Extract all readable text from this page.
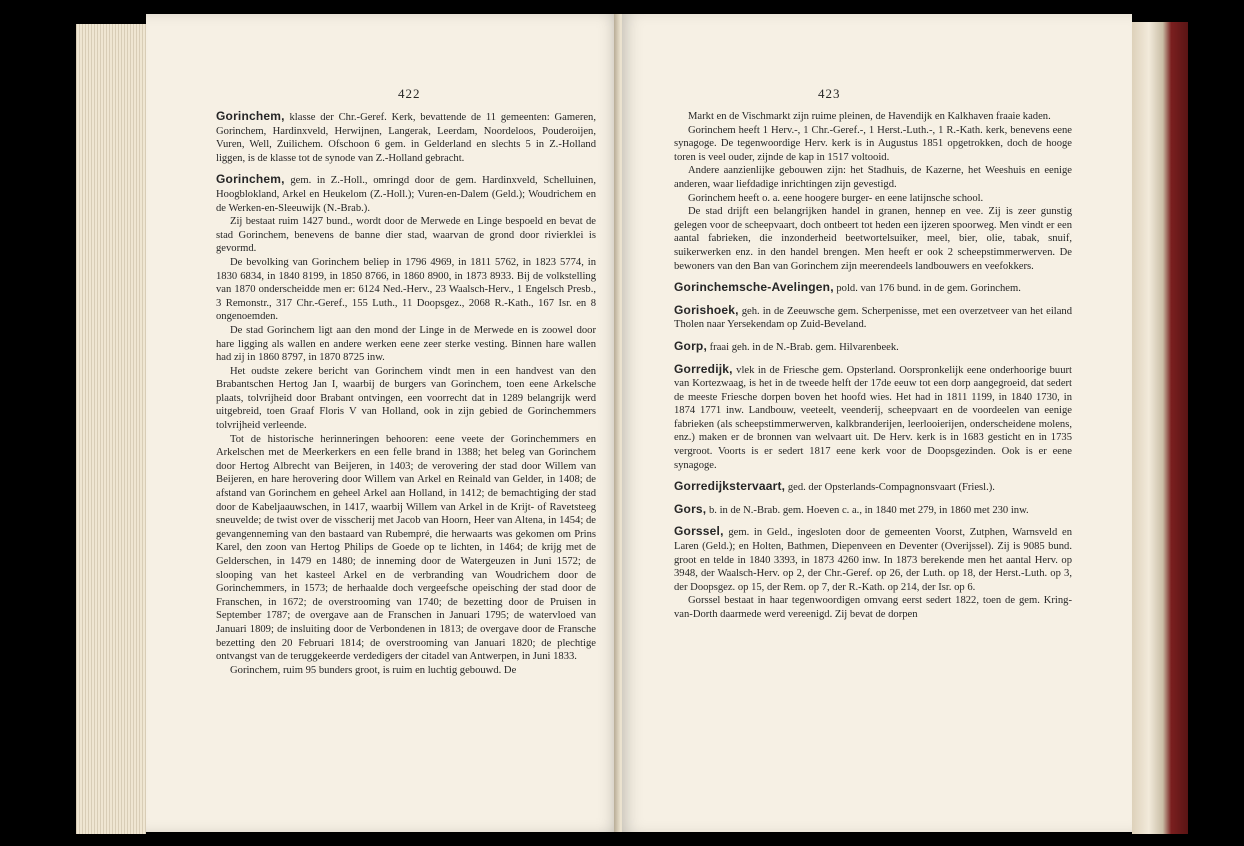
422

Gorinchem, klasse der Chr.-Geref. Kerk, bevattende de 11 gemeenten: Gameren, Gorinchem, Hardinxveld, Herwijnen, Langerak, Leerdam, Noordeloos, Pouderoijen, Vuren, Well, Zuilichem. Ofschoon 6 gem. in Gelderland en slechts 5 in Z.-Holland liggen, is de klasse tot de synode van Z.-Holland gebracht.

Gorinchem, gem. in Z.-Holl., omringd door de gem. Hardinxveld, Schelluinen, Hoogblokland, Arkel en Heukelom (Z.-Holl.); Vuren-en-Dalem (Geld.); Woudrichem en de Werken-en-Sleeuwijk (N.-Brab.).

Zij bestaat ruim 1427 bund., wordt door de Merwede en Linge bespoeld en bevat de stad Gorinchem, benevens de banne dier stad, waarvan de grond door rivierklei is gevormd.

De bevolking van Gorinchem beliep in 1796 4969, in 1811 5762, in 1823 5774, in 1830 6834, in 1840 8199, in 1850 8766, in 1860 8900, in 1873 8933. Bij de volkstelling van 1870 onderscheidde men er: 6124 Ned.-Herv., 23 Waalsch-Herv., 1 Engelsch Presb., 3 Remonstr., 317 Chr.-Geref., 155 Luth., 11 Doopsgez., 2068 R.-Kath., 167 Isr. en 8 ongenoemden.

De stad Gorinchem ligt aan den mond der Linge in de Merwede en is zoowel door hare ligging als wallen en andere werken eene zeer sterke vesting. Binnen hare wallen had zij in 1860 8797, in 1870 8725 inw.

Het oudste zekere bericht van Gorinchem vindt men in een handvest van den Brabantschen Hertog Jan I, waarbij de burgers van Gorinchem, toen eene Arkelsche plaats, tolvrijheid door Brabant ontvingen, een voorrecht dat in 1289 belangrijk werd uitgebreid, toen Graaf Floris V van Holland, ook in zijn gebied de Gorinchemmers tolvrijheid verleende.

Tot de historische herinneringen behooren: eene veete der Gorinchemmers en Arkelschen met de Meerkerkers en een felle brand in 1388; het beleg van Gorinchem door Hertog Albrecht van Beijeren, in 1403; de verovering der stad door Willem van Beijeren, en hare herovering door Willem van Arkel en Reinald van Gelder, in 1408; de afstand van Gorinchem en geheel Arkel aan Holland, in 1412; de bemachtiging der stad door de Kabeljaauwschen, in 1417, waarbij Willem van Arkel in de Krijt- of Ravetsteeg sneuvelde; de twist over de visscherij met Jacob van Hoorn, Heer van Altena, in 1454; de gevangenneming van den bastaard van Rubempré, die herwaarts was gekomen om Prins Karel, den zoon van Hertog Philips de Goede op te lichten, in 1464; de krijg met de Gelderschen, in 1479 en 1480; de inneming door de Watergeuzen in Juni 1572; de slooping van het kasteel Arkel en de verbranding van Woudrichem door de Gorinchemmers, in 1573; de herhaalde doch vergeefsche opeisching der stad door de Franschen, in 1672; de overstrooming van 1740; de bezetting door de Pruisen in September 1787; de overgave aan de Franschen in Januari 1795; de watervloed van Januari 1809; de insluiting door de Verbondenen in 1813; de overgave door de Fransche bezetting den 20 Februari 1814; de overstrooming van Januari 1820; de plechtige ontvangst van de teruggekeerde verdedigers der citadel van Antwerpen, in Juni 1833.

Gorinchem, ruim 95 bunders groot, is ruim en luchtig gebouwd. De

423

Markt en de Vischmarkt zijn ruime pleinen, de Havendijk en Kalkhaven fraaie kaden.

Gorinchem heeft 1 Herv.-, 1 Chr.-Geref.-, 1 Herst.-Luth.-, 1 R.-Kath. kerk, benevens eene synagoge. De tegenwoordige Herv. kerk is in Augustus 1851 opgetrokken, doch de hooge toren is veel ouder, zijnde de kap in 1517 voltooid.

Andere aanzienlijke gebouwen zijn: het Stadhuis, de Kazerne, het Weeshuis en eenige anderen, waar liefdadige inrichtingen zijn gevestigd.

Gorinchem heeft o. a. eene hoogere burger- en eene latijnsche school.

De stad drijft een belangrijken handel in granen, hennep en vee. Zij is zeer gunstig gelegen voor de scheepvaart, doch ontbeert tot heden een ijzeren spoorweg. Men vindt er een aantal fabrieken, die inzonderheid beetwortelsuiker, meel, bier, olie, tabak, snuif, suikerwerken enz. in den handel brengen. Men heeft er ook 2 scheepstimmerwerven. De bewoners van den Ban van Gorinchem zijn meerendeels landbouwers en veefokkers.

Gorinchemsche-Avelingen, pold. van 176 bund. in de gem. Gorinchem.

Gorishoek, geh. in de Zeeuwsche gem. Scherpenisse, met een overzetveer van het eiland Tholen naar Yersekendam op Zuid-Beveland.

Gorp, fraai geh. in de N.-Brab. gem. Hilvarenbeek.

Gorredijk, vlek in de Friesche gem. Opsterland. Oorspronkelijk eene onderhoorige buurt van Kortezwaag, is het in de tweede helft der 17de eeuw tot een dorp aangegroeid, dat sedert de meeste Friesche dorpen boven het hoofd wies. Het had in 1811 1199, in 1840 1730, in 1874 1771 inw. Landbouw, veeteelt, veenderij, scheepvaart en de voordeelen van eenige fabrieken (als scheepstimmerwerven, kalkbranderijen, leerlooierijen, onderscheidene molens, enz.) maken er de bronnen van welvaart uit. De Herv. kerk is in 1683 gesticht en in 1735 vergroot. Voorts is er sedert 1817 eene kerk voor de Doopsgezinden. Ook is er eene synagoge.

Gorredijkstervaart, ged. der Opsterlands-Compagnonsvaart (Friesl.).

Gors, b. in de N.-Brab. gem. Hoeven c. a., in 1840 met 279, in 1860 met 230 inw.

Gorssel, gem. in Geld., ingesloten door de gemeenten Voorst, Zutphen, Warnsveld en Laren (Geld.); en Holten, Bathmen, Diepenveen en Deventer (Overijssel). Zij is 9085 bund. groot en telde in 1840 3393, in 1873 4260 inw. In 1873 berekende men het aantal Herv. op 3948, der Waalsch-Herv. op 2, der Chr.-Geref. op 26, der Luth. op 18, der Herst.-Luth. op 3, der Doopsgez. op 15, der Rem. op 7, der R.-Kath. op 214, der Isr. op 6.

Gorssel bestaat in haar tegenwoordigen omvang eerst sedert 1822, toen de gem. Kring-van-Dorth daarmede werd vereenigd. Zij bevat de dorpen
